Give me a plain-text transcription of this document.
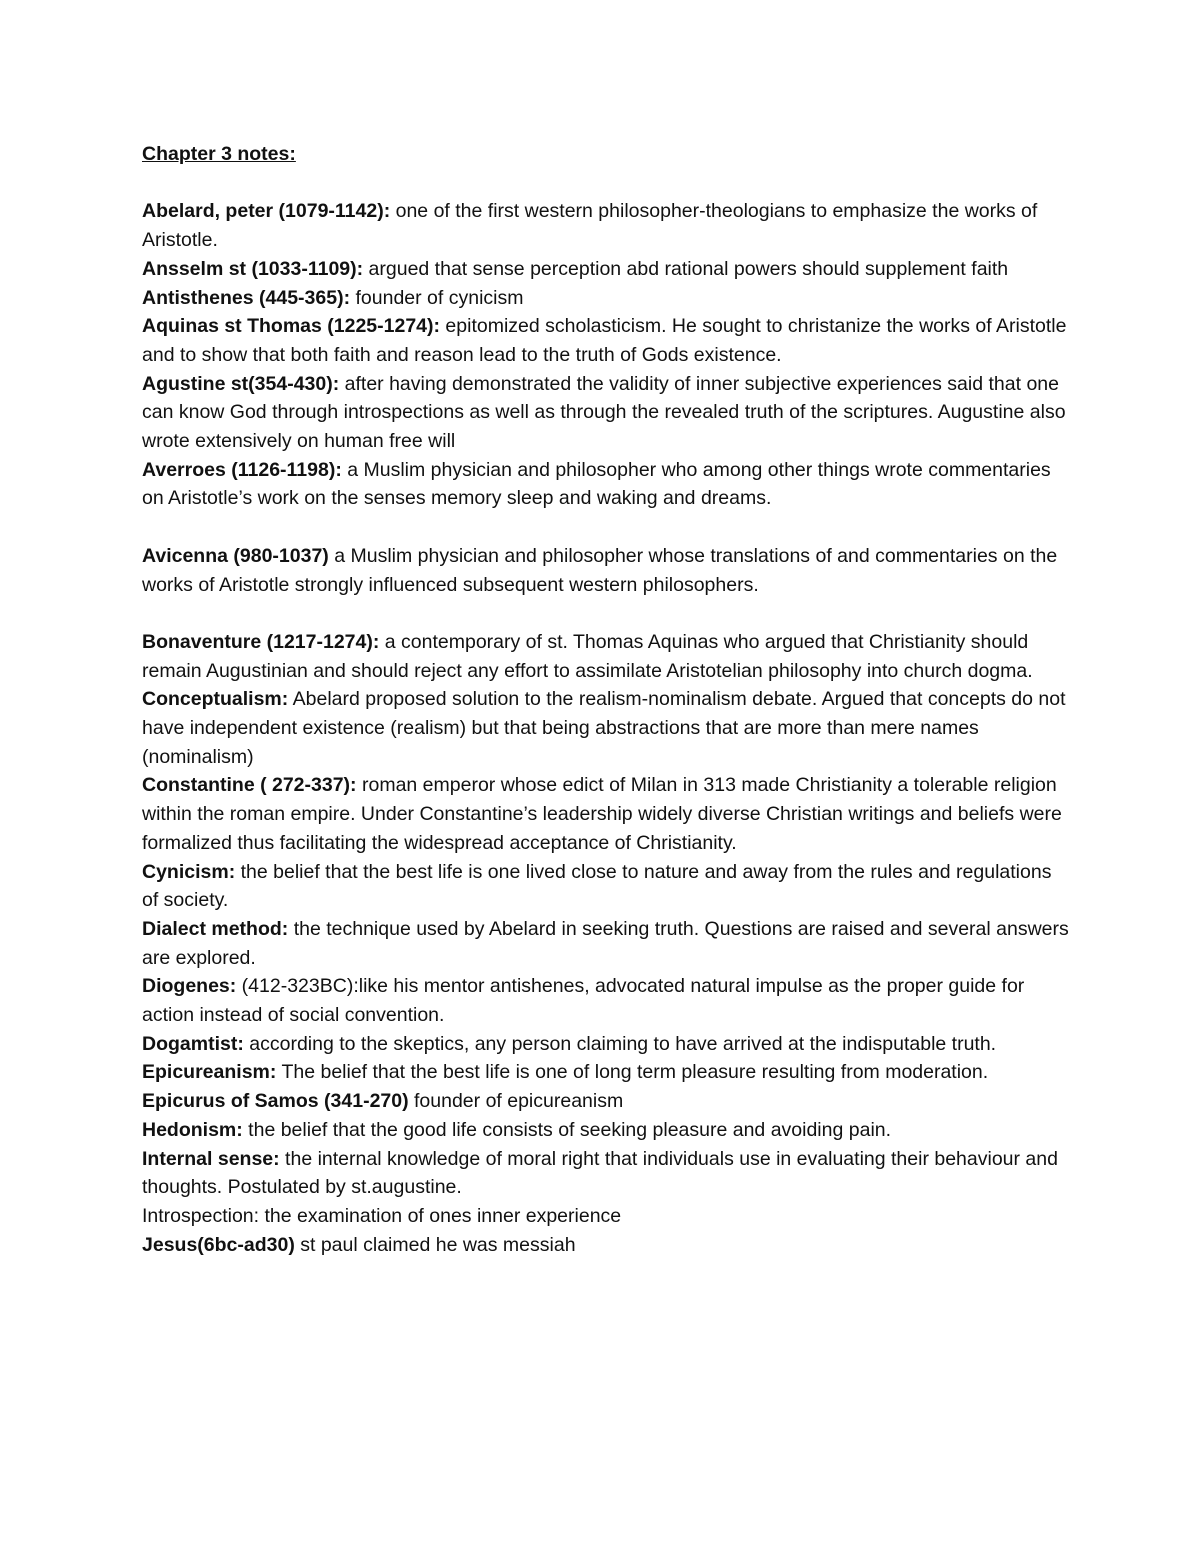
Chapter 3 notes:

Abelard, peter (1079-1142): one of the first western philosopher-theologians to emphasize the works of Aristotle.

Ansselm st (1033-1109): argued that sense perception abd rational powers should supplement faith

Antisthenes (445-365): founder of cynicism

Aquinas st Thomas (1225-1274): epitomized scholasticism. He sought to christanize the works of Aristotle and to show that both faith and reason lead to the truth of Gods existence.

Agustine st(354-430): after having demonstrated the validity of inner subjective experiences said that one can know God through introspections as well as through the revealed truth of the scriptures. Augustine also wrote extensively on human free will

Averroes (1126-1198): a Muslim physician and philosopher who among other things wrote commentaries on Aristotle’s work on the senses memory sleep and waking and dreams.

Avicenna (980-1037) a Muslim physician and philosopher whose translations of and commentaries on the works of Aristotle strongly influenced subsequent western philosophers.

Bonaventure (1217-1274): a contemporary of st. Thomas Aquinas who argued that Christianity should remain Augustinian and should reject any effort to assimilate Aristotelian philosophy into church dogma.

Conceptualism: Abelard proposed solution to the realism-nominalism debate. Argued that concepts do not have independent existence (realism) but that being abstractions that are more than mere names (nominalism)

Constantine ( 272-337): roman emperor whose edict of Milan in 313 made Christianity a tolerable religion within the roman empire. Under Constantine’s leadership widely diverse Christian writings and beliefs were formalized thus facilitating the widespread acceptance of Christianity.

Cynicism: the belief that the best life is one lived close to nature and away from the rules and regulations of society.

Dialect method: the technique used by Abelard in seeking truth. Questions are raised and several answers are explored.

Diogenes: (412-323BC):like his mentor antishenes, advocated natural impulse as the proper guide for action instead of social convention.

Dogamtist: according to the skeptics, any person claiming to have arrived at the indisputable truth.

Epicureanism: The belief that the best life is one of long term pleasure resulting from moderation.

Epicurus of Samos (341-270) founder of epicureanism

Hedonism: the belief that the good life consists of seeking pleasure and avoiding pain.

Internal sense: the internal knowledge of moral right that individuals use in evaluating their behaviour and thoughts. Postulated by st.augustine.

Introspection: the examination of ones inner experience

Jesus(6bc-ad30) st paul claimed he was messiah
